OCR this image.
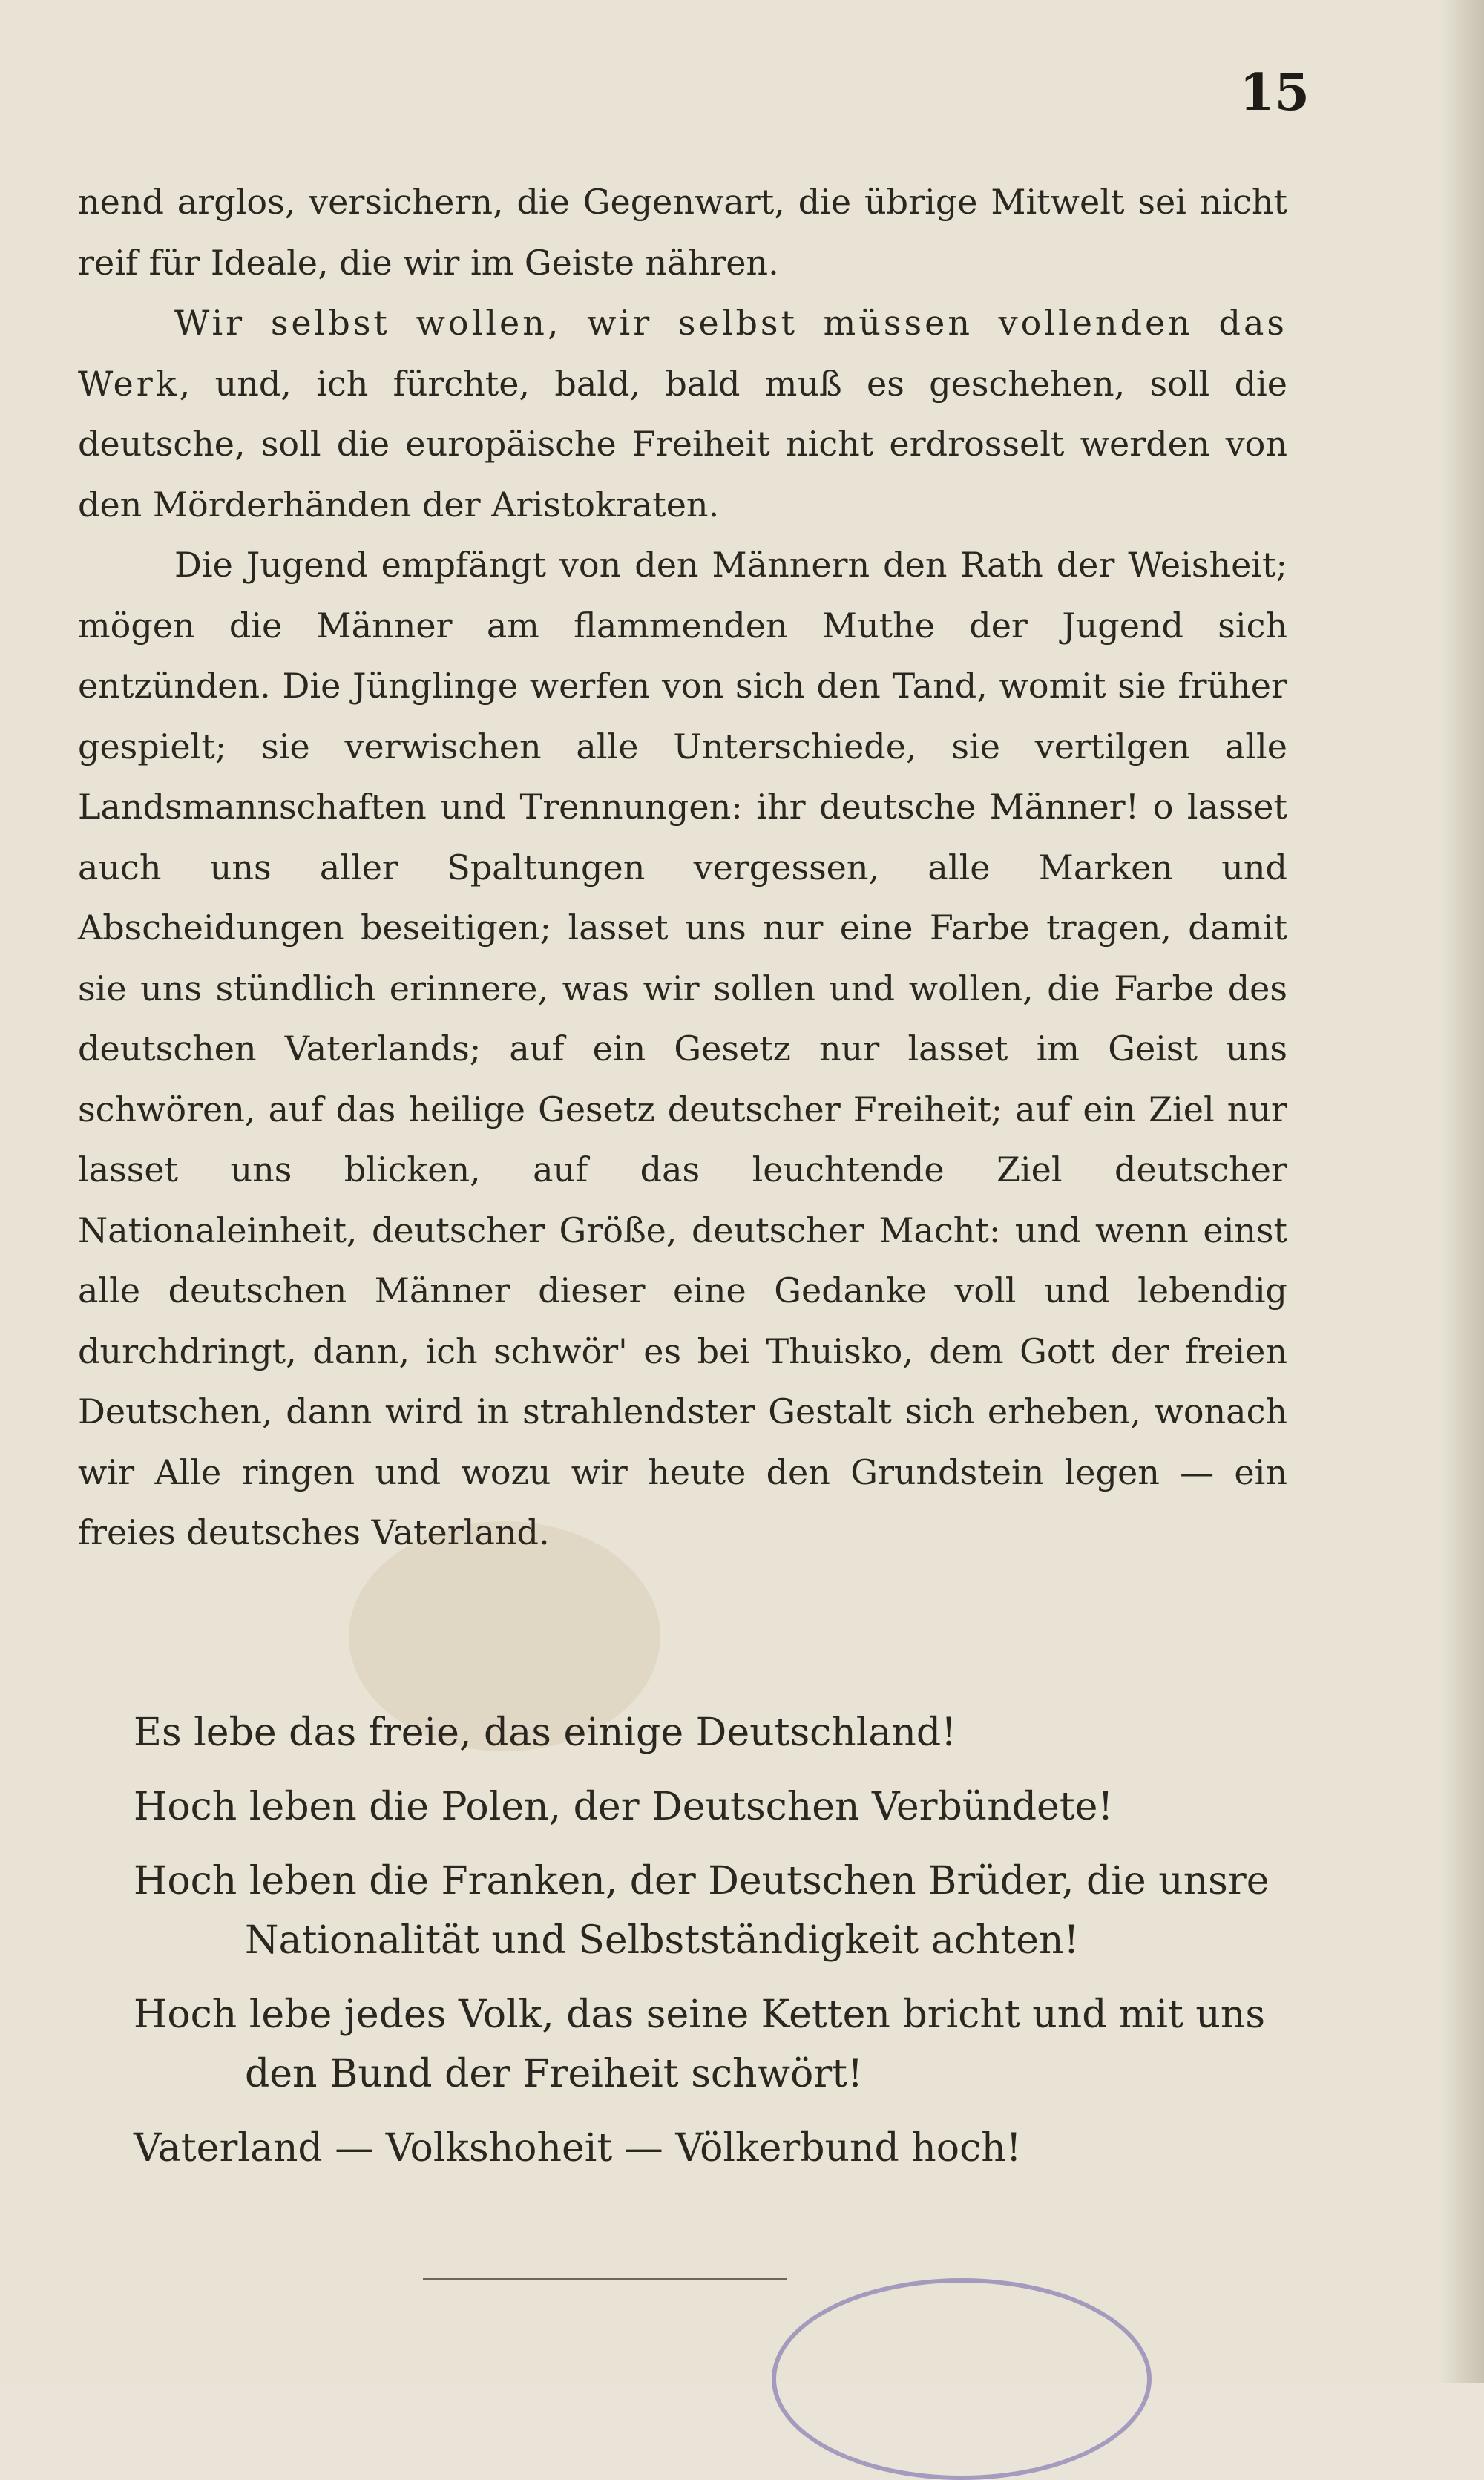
15

nend arglos, versichern, die Gegenwart, die übrige Mitwelt sei nicht reif für Ideale, die wir im Geiste nähren.

Wir selbst wollen, wir selbst müssen vollenden das Werk, und, ich fürchte, bald, bald muß es geschehen, soll die deutsche, soll die europäische Freiheit nicht erdrosselt werden von den Mörderhänden der Aristokraten.

Die Jugend empfängt von den Männern den Rath der Weisheit; mögen die Männer am flammenden Muthe der Jugend sich entzünden. Die Jünglinge werfen von sich den Tand, womit sie früher gespielt; sie verwischen alle Unterschiede, sie vertilgen alle Landsmannschaften und Trennungen: ihr deutsche Männer! o lasset auch uns aller Spaltungen vergessen, alle Marken und Abscheidungen beseitigen; lasset uns nur eine Farbe tragen, damit sie uns stündlich erinnere, was wir sollen und wollen, die Farbe des deutschen Vaterlands; auf ein Gesetz nur lasset im Geist uns schwören, auf das heilige Gesetz deutscher Freiheit; auf ein Ziel nur lasset uns blicken, auf das leuchtende Ziel deutscher Nationaleinheit, deutscher Größe, deutscher Macht: und wenn einst alle deutschen Männer dieser eine Gedanke voll und lebendig durchdringt, dann, ich schwör' es bei Thuisko, dem Gott der freien Deutschen, dann wird in strahlendster Gestalt sich erheben, wonach wir Alle ringen und wozu wir heute den Grundstein legen — ein freies deutsches Vaterland.

Es lebe das freie, das einige Deutschland!

Hoch leben die Polen, der Deutschen Verbündete!

Hoch leben die Franken, der Deutschen Brüder, die unsre Nationalität und Selbstständigkeit achten!

Hoch lebe jedes Volk, das seine Ketten bricht und mit uns den Bund der Freiheit schwört!

Vaterland — Volkshoheit — Völkerbund hoch!
